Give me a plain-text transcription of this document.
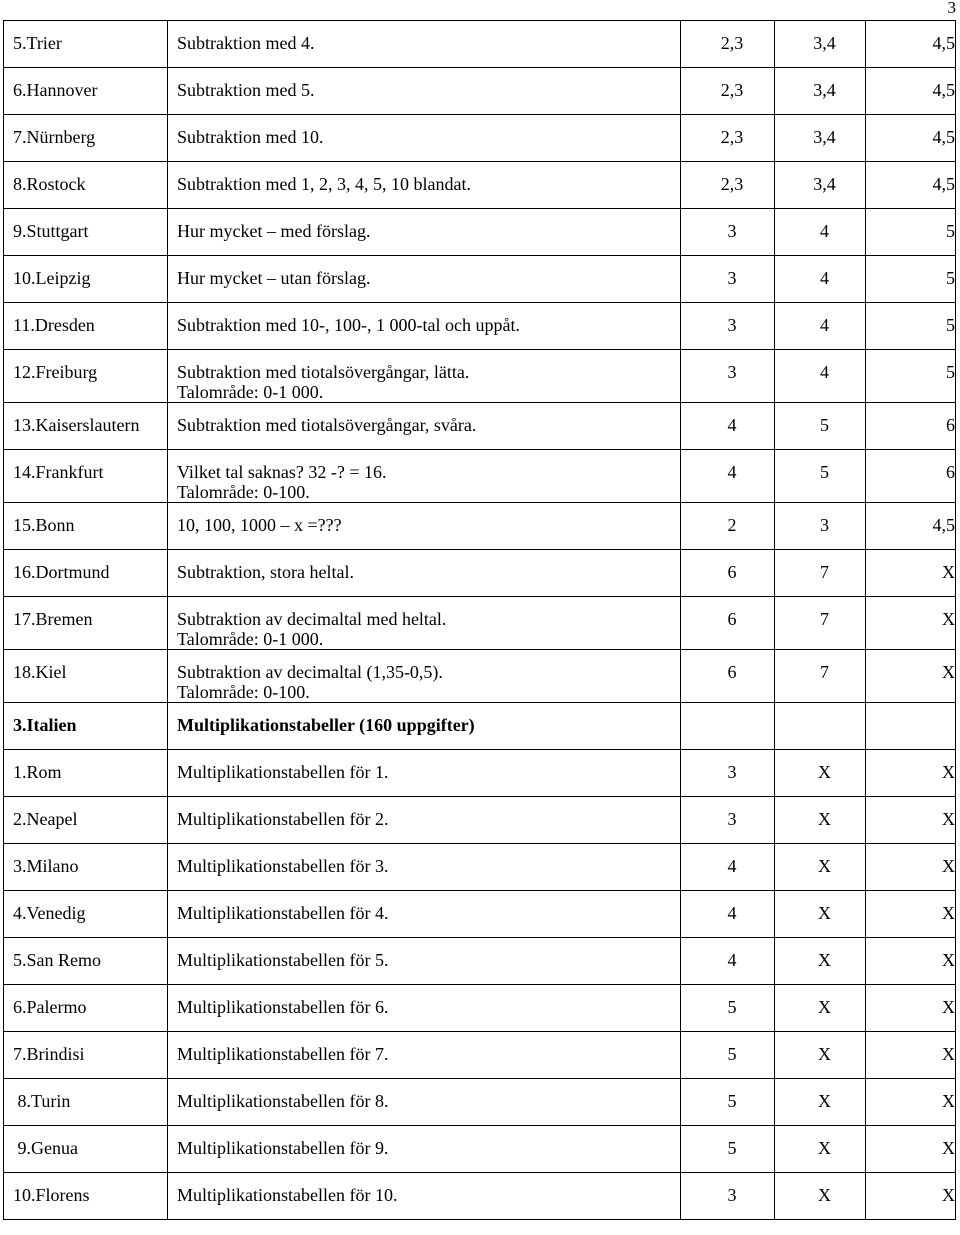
3
5.Trier	Subtraktion med 4.	2,3	3,4	4,5
6.Hannover	Subtraktion med 5.	2,3	3,4	4,5
7.Nürnberg	Subtraktion med 10.	2,3	3,4	4,5
8.Rostock	Subtraktion med 1, 2, 3, 4, 5, 10 blandat.	2,3	3,4	4,5
9.Stuttgart	Hur mycket – med förslag.	3	4	5
10.Leipzig	Hur mycket – utan förslag.	3	4	5
11.Dresden	Subtraktion med 10-, 100-, 1 000-tal och uppåt.	3	4	5
12.Freiburg	Subtraktion med tiotalsövergångar, lätta.
Talområde: 0-1 000.	3	4	5
13.Kaiserslautern	Subtraktion med tiotalsövergångar, svåra.	4	5	6
14.Frankfurt	Vilket tal saknas? 32 -? = 16.
Talområde: 0-100.	4	5	6
15.Bonn	10, 100, 1000 – x =???	2	3	4,5
16.Dortmund	Subtraktion, stora heltal.	6	7	X
17.Bremen	Subtraktion av decimaltal med heltal.
Talområde: 0-1 000.	6	7	X
18.Kiel	Subtraktion av decimaltal (1,35-0,5).
Talområde: 0-100.	6	7	X
3.Italien	Multiplikationstabeller (160 uppgifter)			

1.Rom	Multiplikationstabellen för 1.	3	X	X
2.Neapel	Multiplikationstabellen för 2.	3	X	X
3.Milano	Multiplikationstabellen för 3.	4	X	X
4.Venedig	Multiplikationstabellen för 4.	4	X	X
5.San Remo	Multiplikationstabellen för 5.	4	X	X
6.Palermo	Multiplikationstabellen för 6.	5	X	X
7.Brindisi	Multiplikationstabellen för 7.	5	X	X
8.Turin	Multiplikationstabellen för 8.	5	X	X
9.Genua	Multiplikationstabellen för 9.	5	X	X
10.Florens	Multiplikationstabellen för 10.	3	X	X
